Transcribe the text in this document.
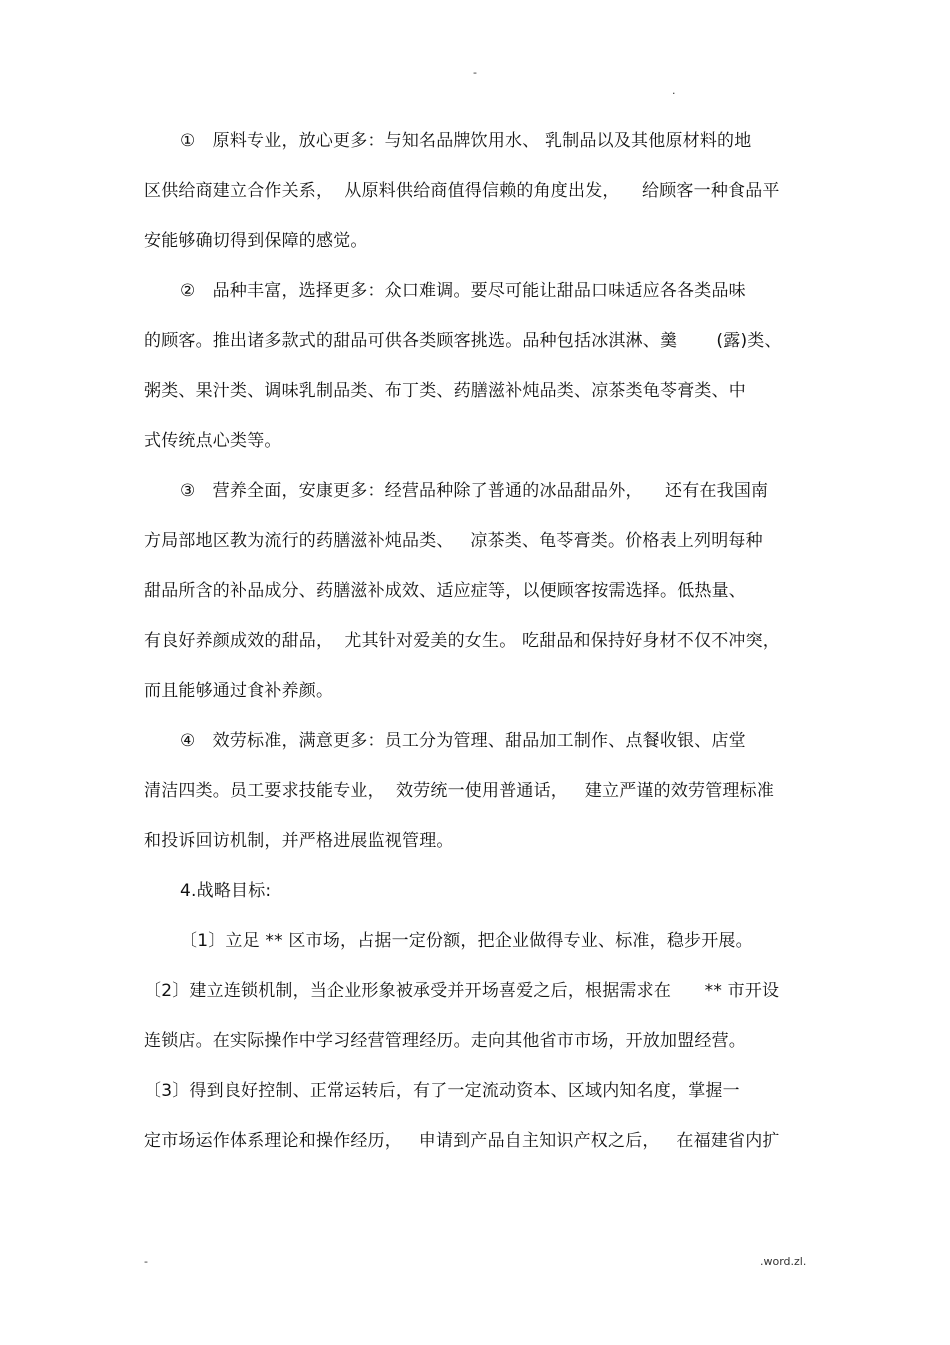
-
.
①　原料专业，放心更多：与知名品牌饮用水、 乳制品以及其他原材料的地
区供给商建立合作关系，  从原料供给商值得信赖的角度出发，    给顾客一种食品平
安能够确切得到保障的感觉。
②　品种丰富，选择更多：众口难调。要尽可能让甜品口味适应各各类品味
的顾客。推出诸多款式的甜品可供各类顾客挑选。品种包括冰淇淋、羹       (露)类、
粥类、果汁类、调味乳制品类、布丁类、药膳滋补炖品类、凉茶类龟苓膏类、中
式传统点心类等。
③　营养全面，安康更多：经营品种除了普通的冰品甜品外，    还有在我国南
方局部地区教为流行的药膳滋补炖品类、   凉茶类、龟苓膏类。价格表上列明每种
甜品所含的补品成分、药膳滋补成效、适应症等，以便顾客按需选择。低热量、
有良好养颜成效的甜品，  尤其针对爱美的女生。 吃甜品和保持好身材不仅不冲突，
而且能够通过食补养颜。
④　效劳标准，满意更多：员工分为管理、甜品加工制作、点餐收银、店堂
清洁四类。员工要求技能专业，  效劳统一使用普通话，   建立严谨的效劳管理标准
和投诉回访机制，并严格进展监视管理。
4.战略目标:
〔1〕立足 ** 区市场，占据一定份额，把企业做得专业、标准，稳步开展。
〔2〕建立连锁机制，当企业形象被承受并开场喜爱之后，根据需求在      ** 市开设
连锁店。在实际操作中学习经营管理经历。走向其他省市市场，开放加盟经营。
〔3〕得到良好控制、正常运转后，有了一定流动资本、区域内知名度，掌握一
定市场运作体系理论和操作经历，   申请到产品自主知识产权之后，   在福建省内扩
-	.word.zl.
